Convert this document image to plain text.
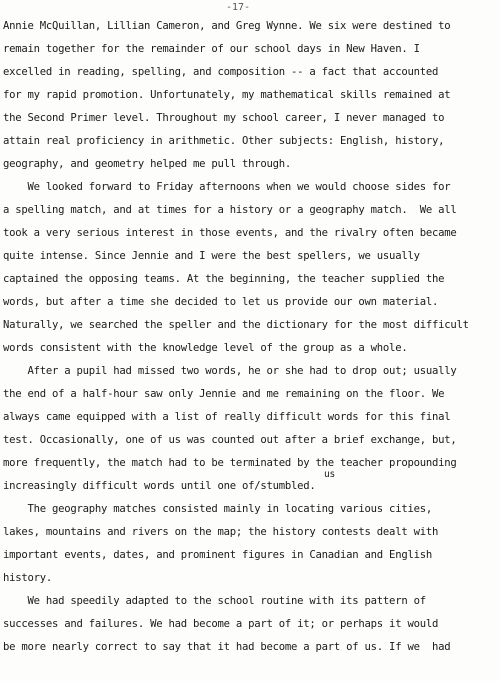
-17-
Annie McQuillan, Lillian Cameron, and Greg Wynne. We six were destined to
remain together for the remainder of our school days in New Haven. I
excelled in reading, spelling, and composition -- a fact that accounted
for my rapid promotion. Unfortunately, my mathematical skills remained at
the Second Primer level. Throughout my school career, I never managed to
attain real proficiency in arithmetic. Other subjects: English, history,
geography, and geometry helped me pull through.
We looked forward to Friday afternoons when we would choose sides for
a spelling match, and at times for a history or a geography match.  We all
took a very serious interest in those events, and the rivalry often became
quite intense. Since Jennie and I were the best spellers, we usually
captained the opposing teams. At the beginning, the teacher supplied the
words, but after a time she decided to let us provide our own material.
Naturally, we searched the speller and the dictionary for the most difficult
words consistent with the knowledge level of the group as a whole.
After a pupil had missed two words, he or she had to drop out; usually
the end of a half-hour saw only Jennie and me remaining on the floor. We
always came equipped with a list of really difficult words for this final
test. Occasionally, one of us was counted out after a brief exchange, but,
more frequently, the match had to be terminated by the teacher propounding
us
increasingly difficult words until one of/stumbled.
The geography matches consisted mainly in locating various cities,
lakes, mountains and rivers on the map; the history contests dealt with
important events, dates, and prominent figures in Canadian and English
history.
We had speedily adapted to the school routine with its pattern of
successes and failures. We had become a part of it; or perhaps it would
be more nearly correct to say that it had become a part of us. If we  had
